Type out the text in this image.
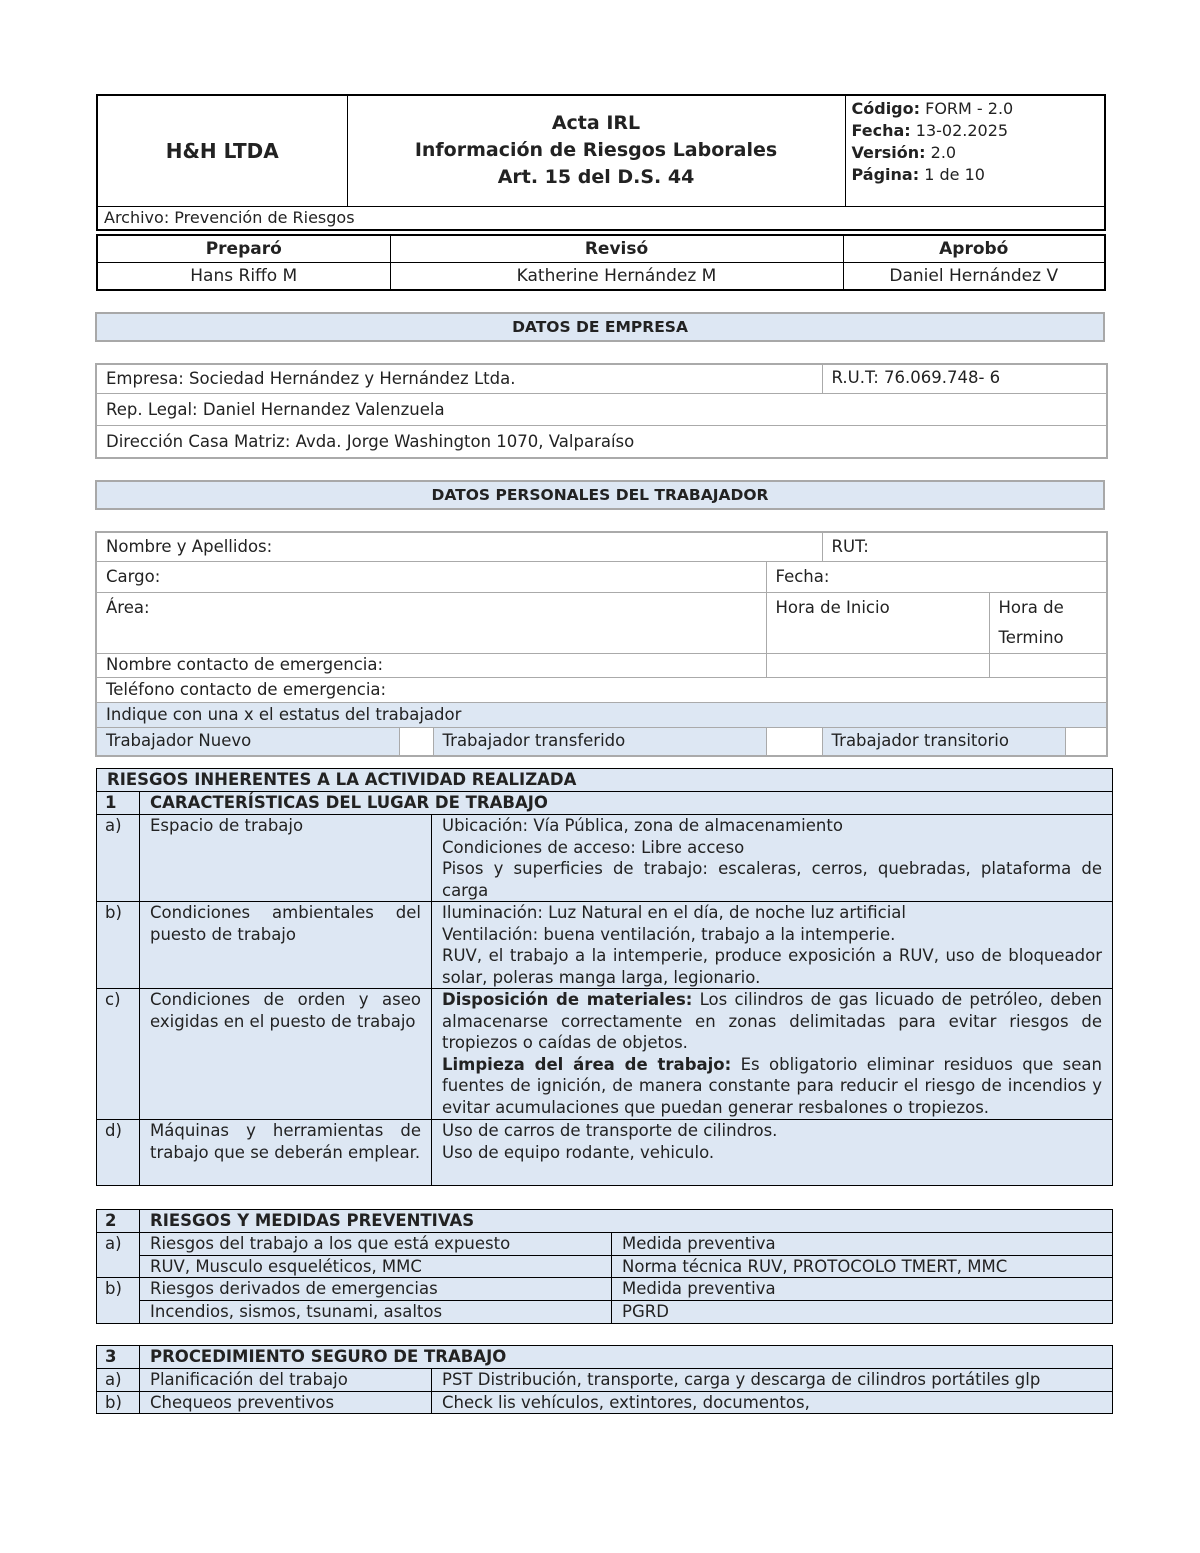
H&H LTDA	
Acta IRL
Información de Riesgos Laborales
Art. 15 del D.S. 44

Código: FORM - 2.0
Fecha: 13-02.2025
Versión: 2.0
Página: 1 de 10

Archivo: Prevención de Riesgos
Preparó	Revisó	Aprobó
Hans Riffo M	Katherine Hernández M	Daniel Hernández V
DATOS DE EMPRESA
Empresa: Sociedad Hernández y Hernández Ltda.	R.U.T: 76.069.748- 6
Rep. Legal: Daniel Hernandez Valenzuela
Dirección Casa Matriz: Avda. Jorge Washington 1070, Valparaíso
DATOS PERSONALES DEL TRABAJADOR
Nombre y Apellidos:				RUT:		
Cargo:			Fecha:			
Área:			Hora de Inicio		Hora de Termino	
Nombre contacto de emergencia:						
Teléfono contacto de emergencia:						
Indique con una x el estatus del trabajador						
Trabajador Nuevo		Trabajador transferido		Trabajador transitorio		
RIESGOS INHERENTES A LA ACTIVIDAD REALIZADA		
1	CARACTERÍSTICAS DEL LUGAR DE TRABAJO	
a)	Espacio de trabajo	Ubicación: Vía Pública, zona de almacenamiento
Condiciones de acceso: Libre acceso
Pisos y superficies de trabajo: escaleras, cerros, quebradas, plataforma de carga

b)	Condiciones ambientales del puesto de trabajo	Iluminación: Luz Natural en el día, de noche luz artificial
Ventilación: buena ventilación, trabajo a la intemperie.
RUV, el trabajo a la intemperie, produce exposición a RUV, uso de bloqueador solar, poleras manga larga, legionario.

c)	Condiciones de orden y aseo exigidas en el puesto de trabajo	Disposición de materiales: Los cilindros de gas licuado de petróleo, deben almacenarse correctamente en zonas delimitadas para evitar riesgos de tropiezos o caídas de objetos.
Limpieza del área de trabajo: Es obligatorio eliminar residuos que sean fuentes de ignición, de manera constante para reducir el riesgo de incendios y evitar acumulaciones que puedan generar resbalones o tropiezos.

d)	Máquinas y herramientas de trabajo que se deberán emplear.	Uso de carros de transporte de cilindros.
Uso de equipo rodante, vehiculo.
2	RIESGOS Y MEDIDAS PREVENTIVAS	
a)	Riesgos del trabajo a los que está expuesto	Medida preventiva
	RUV, Musculo esqueléticos, MMC	Norma técnica RUV, PROTOCOLO TMERT, MMC
b)	Riesgos derivados de emergencias	Medida preventiva
	Incendios, sismos, tsunami, asaltos	PGRD
3	PROCEDIMIENTO SEGURO DE TRABAJO	
a)	Planificación del trabajo	PST Distribución, transporte, carga y descarga de cilindros portátiles glp
b)	Chequeos preventivos	Check lis vehículos, extintores, documentos,
